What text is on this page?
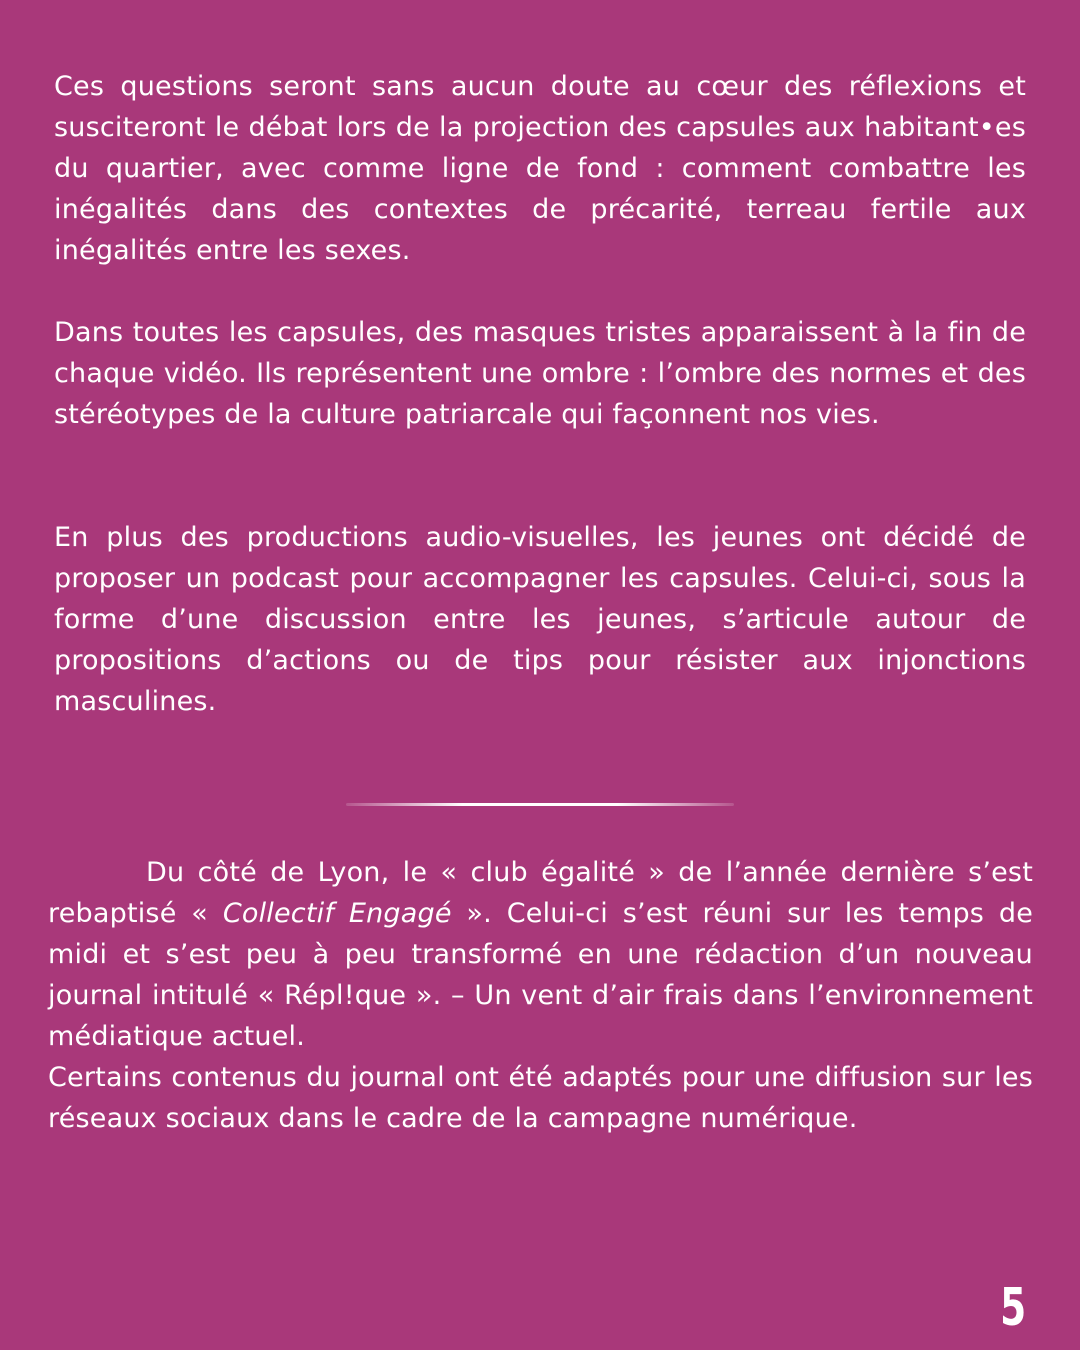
Ces questions seront sans aucun doute au cœur des réflexions et susciteront le débat lors de la projection des capsules aux habitant•es du quartier, avec comme ligne de fond : comment combattre les inégalités dans des contextes de précarité, terreau fertile aux inégalités entre les sexes.

Dans toutes les capsules, des masques tristes apparaissent à la fin de chaque vidéo. Ils représentent une ombre : l’ombre des normes et des stéréotypes de la culture patriarcale qui façonnent nos vies.

En plus des productions audio-visuelles, les jeunes ont décidé de proposer un podcast pour accompagner les capsules. Celui-ci, sous la forme d’une discussion entre les jeunes, s’articule autour de propositions d’actions ou de tips pour résister aux injonctions masculines.

Du côté de Lyon, le « club égalité » de l’année dernière s’est rebaptisé « Collectif Engagé ». Celui-ci s’est réuni sur les temps de midi et s’est peu à peu transformé en une rédaction d’un nouveau journal intitulé « Répl!que ». – Un vent d’air frais dans l’environnement médiatique actuel.

Certains contenus du journal ont été adaptés pour une diffusion sur les réseaux sociaux dans le cadre de la campagne numérique.

5
